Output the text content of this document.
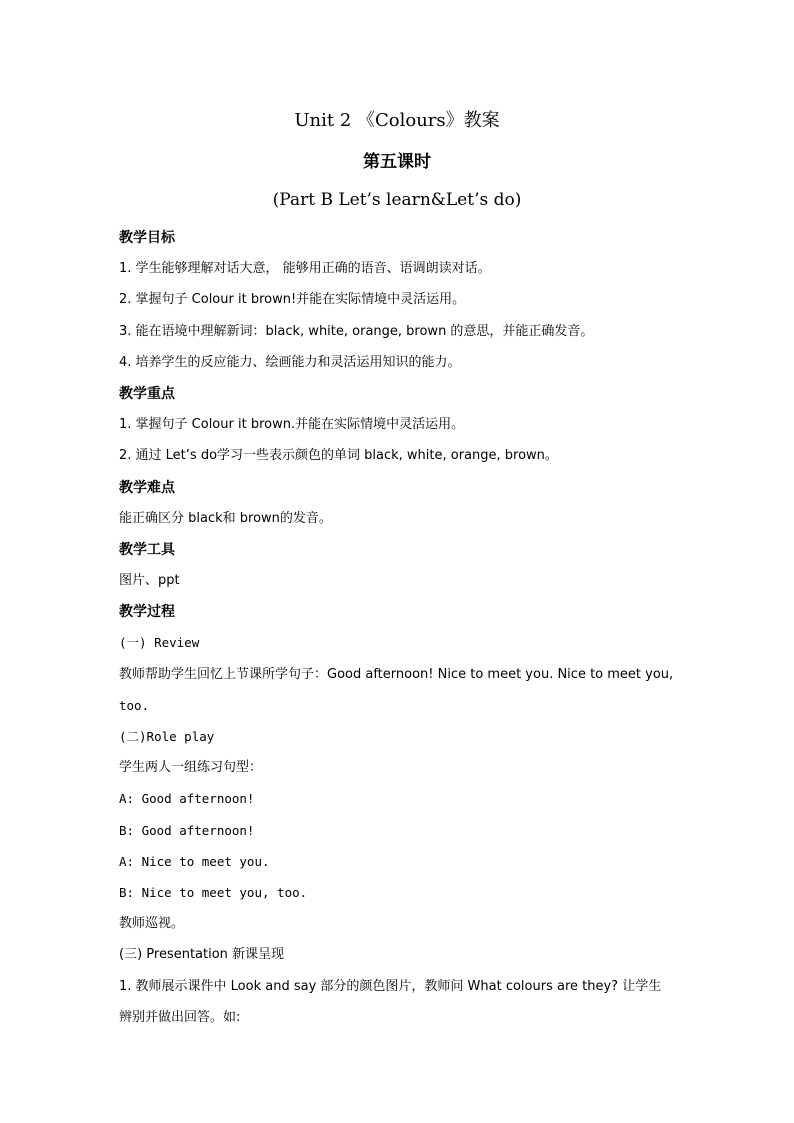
Unit 2 《Colours》教案
第五课时
(Part B Let’s learn&Let’s do)
教学目标
1. 学生能够理解对话大意， 能够用正确的语音、语调朗读对话。
2. 掌握句子 Colour it brown!并能在实际情境中灵活运用。
3. 能在语境中理解新词：black, white, orange, brown 的意思，并能正确发音。
4. 培养学生的反应能力、绘画能力和灵活运用知识的能力。
教学重点
1. 掌握句子 Colour it brown.并能在实际情境中灵活运用。
2. 通过 Let’s do学习一些表示颜色的单词 black, white, orange, brown。
教学难点
能正确区分 black和 brown的发音。
教学工具
图片、ppt
教学过程
(一) Review
教师帮助学生回忆上节课所学句子：Good afternoon! Nice to meet you. Nice to meet you,
too.
(二)Role play
学生两人一组练习句型：
A: Good afternoon!
B: Good afternoon!
A: Nice to meet you.
B: Nice to meet you, too.
教师巡视。
(三) Presentation 新课呈现
1. 教师展示课件中 Look and say 部分的颜色图片，教师问 What colours are they? 让学生
辨别并做出回答。如:
